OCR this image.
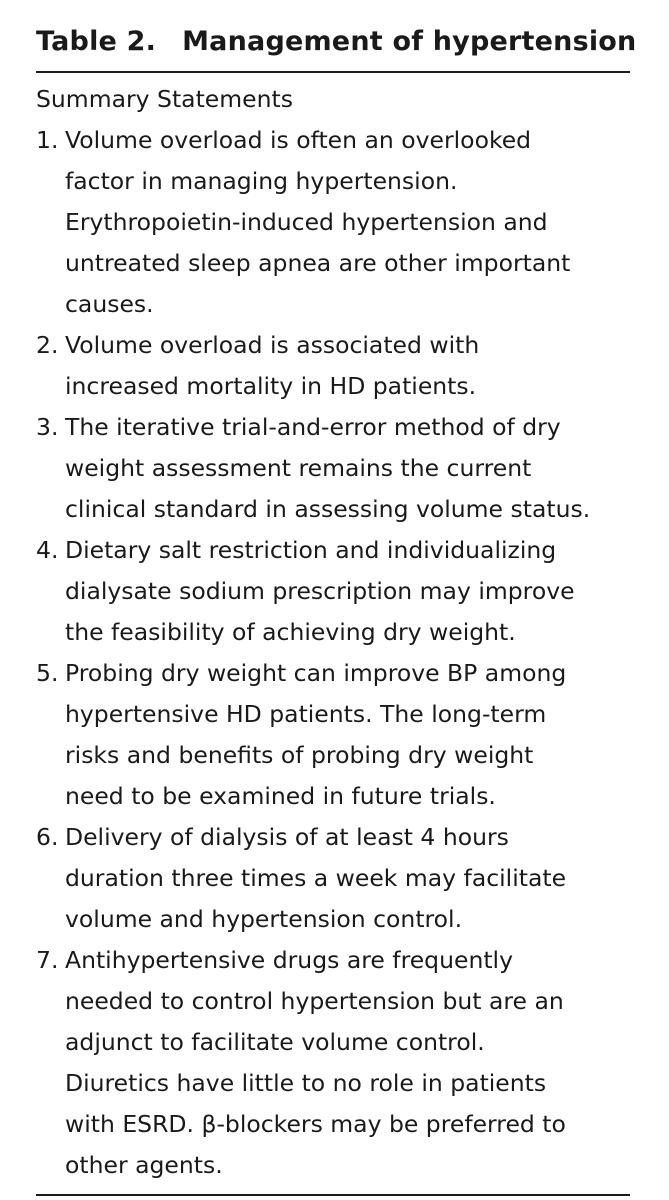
Table 2. Management of hypertension
Summary Statements
1. Volume overload is often an overlooked
factor in managing hypertension.
Erythropoietin-induced hypertension and
untreated sleep apnea are other important
causes.
2. Volume overload is associated with
increased mortality in HD patients.
3. The iterative trial-and-error method of dry
weight assessment remains the current
clinical standard in assessing volume status.
4. Dietary salt restriction and individualizing
dialysate sodium prescription may improve
the feasibility of achieving dry weight.
5. Probing dry weight can improve BP among
hypertensive HD patients. The long-term
risks and benefits of probing dry weight
need to be examined in future trials.
6. Delivery of dialysis of at least 4 hours
duration three times a week may facilitate
volume and hypertension control.
7. Antihypertensive drugs are frequently
needed to control hypertension but are an
adjunct to facilitate volume control.
Diuretics have little to no role in patients
with ESRD. β-blockers may be preferred to
other agents.
